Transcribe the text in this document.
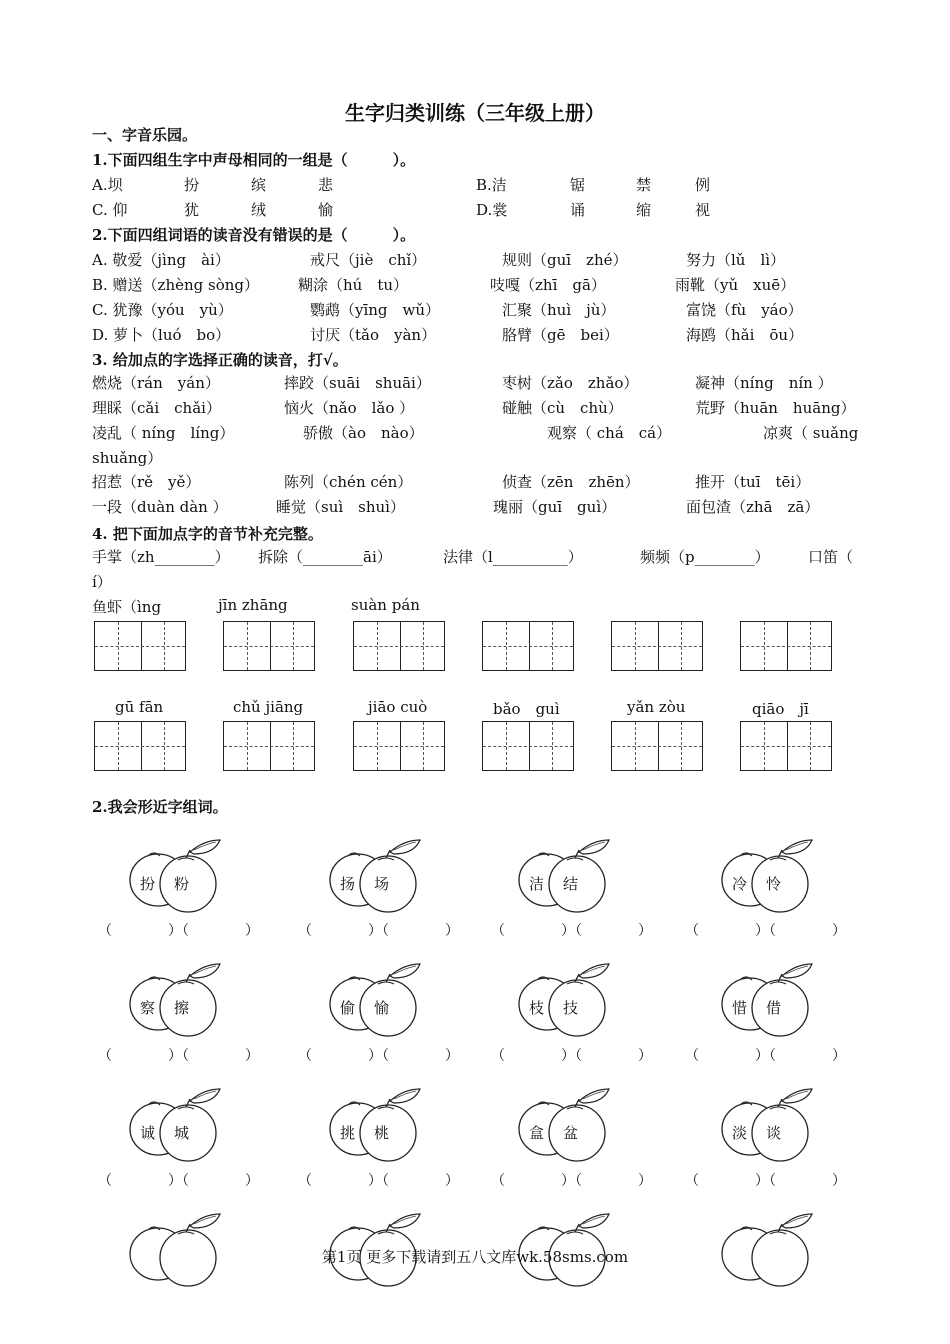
生字归类训练（三年级上册）
一、字音乐园。
1.下面四组生字中声母相同的一组是（　　　）。
A.坝	扮	缤	悲	B.洁	锯	禁	例
C. 仰	犹	绒	愉	D.裳	诵	缩	视
2.下面四组词语的读音没有错误的是（　　　）。
A. 敬爱（jìng　ài）	戒尺（jiè　chǐ）	规则（guī　zhé）	努力（lǔ　lì）
B. 赠送（zhèng sòng）	糊涂（hú　tu）	吱嘎（zhī　gā）	雨靴（yǔ　xuē）
C. 犹豫（yóu　yù）	鹦鹉（yīng　wǔ）	汇聚（huì　jù）	富饶（fù　yáo）
D. 萝卜（luó　bo）	讨厌（tǎo　yàn）	胳臂（gē　bei）	海鸥（hǎi　ōu）
3. 给加点的字选择正确的读音，打√。
燃烧（rán　yán）	摔跤（suāi　shuāi）	枣树（zǎo　zhǎo）	凝神（níng　nín ）
理睬（cǎi　chǎi）	恼火（nǎo　lǎo ）	碰触（cù　chù）	荒野（huān　huāng）
凌乱（ níng　líng）	骄傲（ào　nào）	观察（ chá　cá）	凉爽（ suǎng
shuǎng）
招惹（rě　yě）	陈列（chén cén）	侦查（zēn　zhēn）	推开（tuī　tēi）
一段（duàn dàn ）	睡觉（suì　shuì）	瑰丽（guī　guì）	面包渣（zhā　zā）
4. 把下面加点字的音节补充完整。
手掌（zh________） 拆除（________āi）	法律（l__________）	频频（p________）	口笛（
í）
鱼虾（ìng	jīn zhāng	suàn pán
gū fān	chǔ jiāng	jiāo cuò	bǎo　guì	yǎn zòu	qiāo　jī
2.我会形近字组词。
扮 粉	扬 场	洁 结	冷 怜
察 擦	偷 愉	枝 技	惜 借
诚 城	挑 桃	盒 盆	淡 谈
（　　　　）（　　　　）	（　　　　）（　　　　） （　　　　）（　　　　） （　　　　）（　　　　）
（　　　　）（　　　　）	（　　　　）（　　　　） （　　　　）（　　　　） （　　　　）（　　　　）
（　　　　）（　　　　）	（　　　　）（　　　　） （　　　　）（　　　　） （　　　　）（　　　　）
第1页 更多下载请到五八文库wk.58sms.com
